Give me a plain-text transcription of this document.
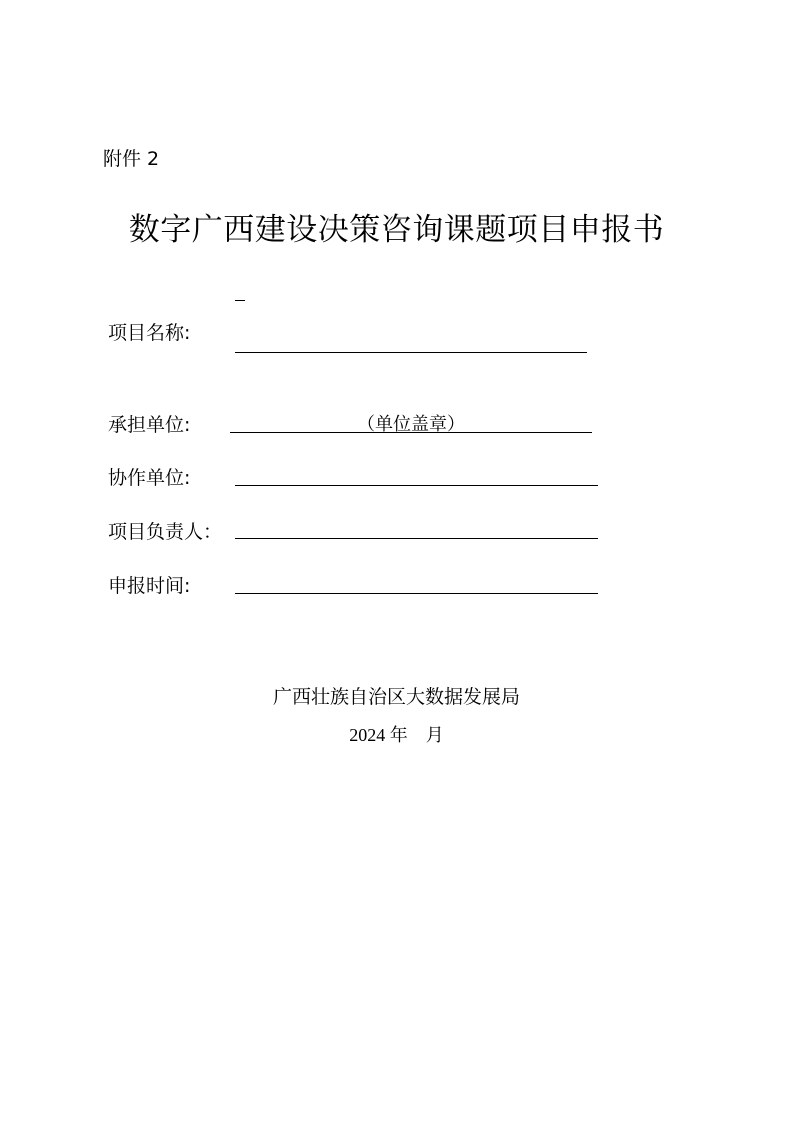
附件 2
数字广西建设决策咨询课题项目申报书
项目名称:
承担单位:	（单位盖章）
协作单位:
项目负责人：
申报时间:
广西壮族自治区大数据发展局
2024 年　月
